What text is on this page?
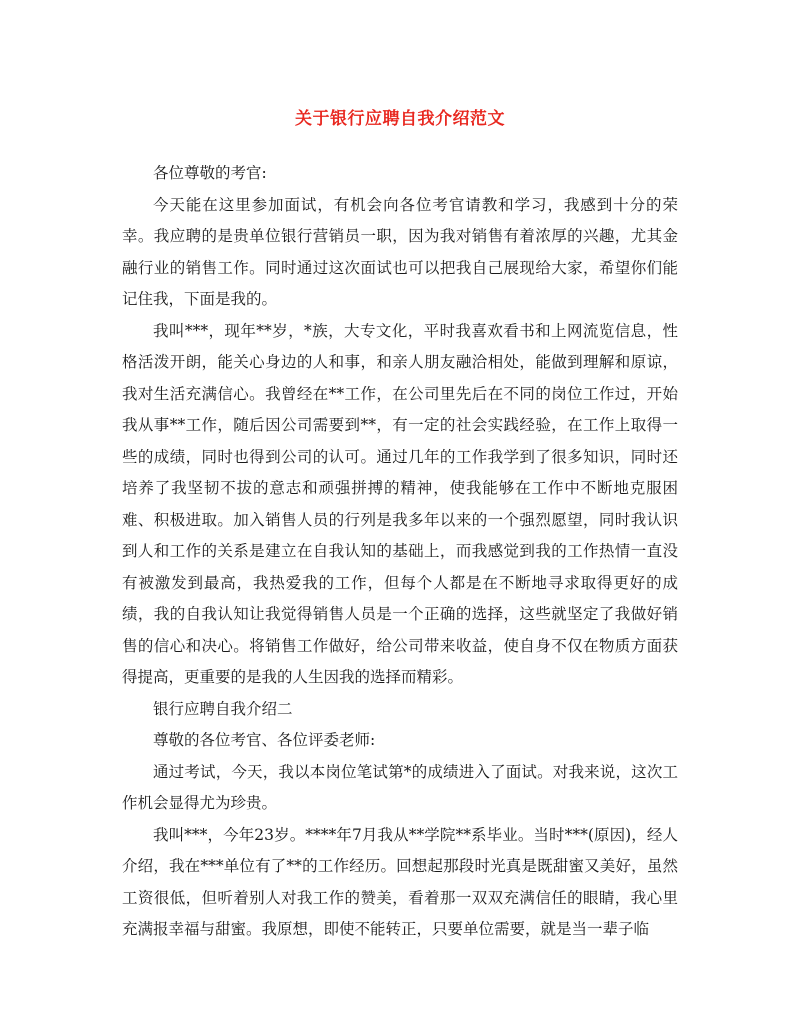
关于银行应聘自我介绍范文

各位尊敬的考官:

今天能在这里参加面试，有机会向各位考官请教和学习，我感到十分的荣幸。我应聘的是贵单位银行营销员一职，因为我对销售有着浓厚的兴趣，尤其金融行业的销售工作。同时通过这次面试也可以把我自己展现给大家，希望你们能记住我，下面是我的。

我叫***，现年**岁，*族，大专文化，平时我喜欢看书和上网流览信息，性格活泼开朗，能关心身边的人和事，和亲人朋友融洽相处，能做到理解和原谅，我对生活充满信心。我曾经在**工作，在公司里先后在不同的岗位工作过，开始我从事**工作，随后因公司需要到**，有一定的社会实践经验，在工作上取得一些的成绩，同时也得到公司的认可。通过几年的工作我学到了很多知识，同时还培养了我坚韧不拔的意志和顽强拼搏的精神，使我能够在工作中不断地克服困难、积极进取。加入销售人员的行列是我多年以来的一个强烈愿望，同时我认识到人和工作的关系是建立在自我认知的基础上，而我感觉到我的工作热情一直没有被激发到最高，我热爱我的工作，但每个人都是在不断地寻求取得更好的成绩，我的自我认知让我觉得销售人员是一个正确的选择，这些就坚定了我做好销售的信心和决心。将销售工作做好，给公司带来收益，使自身不仅在物质方面获得提高，更重要的是我的人生因我的选择而精彩。

银行应聘自我介绍二

尊敬的各位考官、各位评委老师:

通过考试，今天，我以本岗位笔试第*的成绩进入了面试。对我来说，这次工作机会显得尤为珍贵。

我叫***，今年23岁。****年7月我从**学院**系毕业。当时***(原因)，经人介绍，我在***单位有了**的工作经历。回想起那段时光真是既甜蜜又美好，虽然工资很低，但听着别人对我工作的赞美，看着那一双双充满信任的眼睛，我心里充满报幸福与甜蜜。我原想，即使不能转正，只要单位需要，就是当一辈子临
